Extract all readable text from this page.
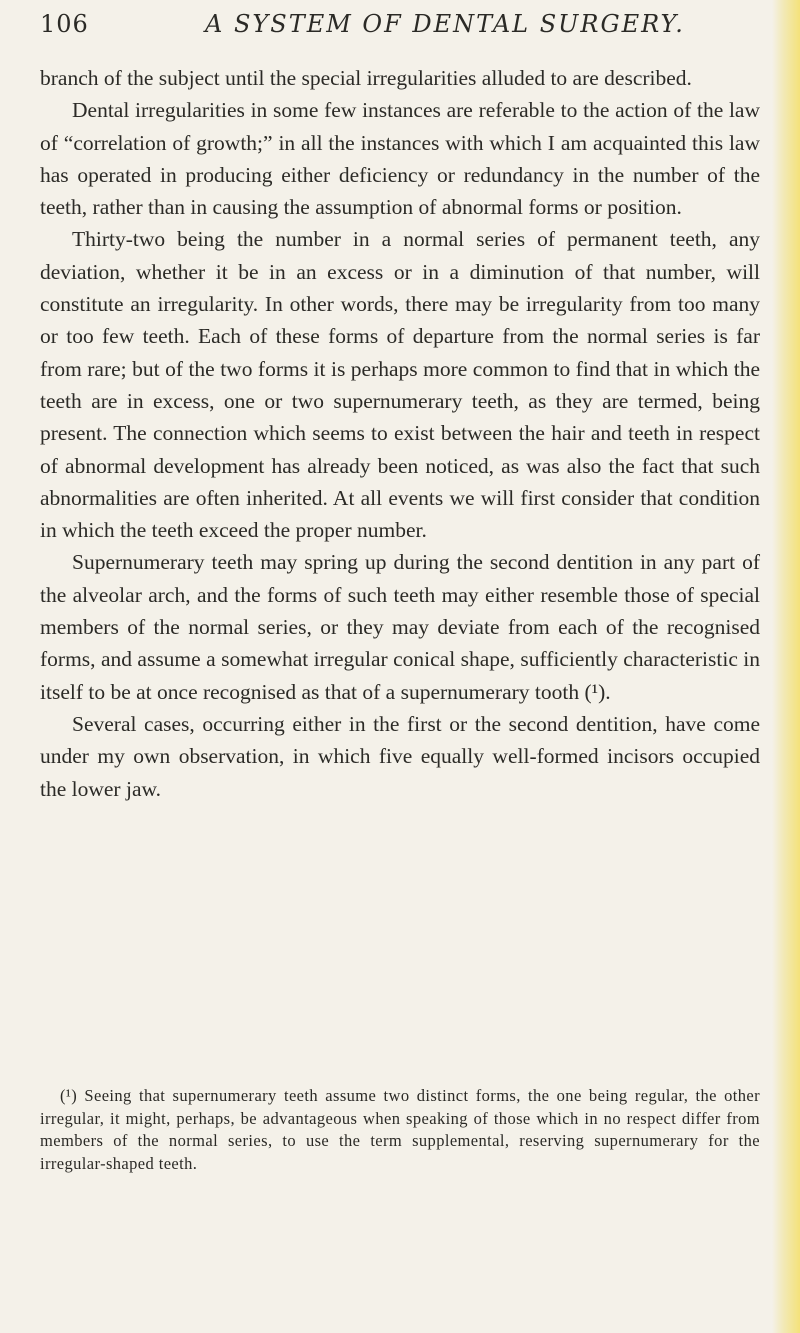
106	A SYSTEM OF DENTAL SURGERY.

branch of the subject until the special irregularities alluded to are described.

Dental irregularities in some few instances are referable to the action of the law of “correlation of growth;” in all the instances with which I am acquainted this law has operated in producing either deficiency or redundancy in the number of the teeth, rather than in causing the assumption of abnormal forms or position.

Thirty-two being the number in a normal series of permanent teeth, any deviation, whether it be in an excess or in a diminution of that number, will constitute an irregularity. In other words, there may be irregularity from too many or too few teeth. Each of these forms of departure from the normal series is far from rare; but of the two forms it is perhaps more common to find that in which the teeth are in excess, one or two supernumerary teeth, as they are termed, being present. The connection which seems to exist between the hair and teeth in respect of abnormal development has already been noticed, as was also the fact that such abnormalities are often inherited. At all events we will first consider that condition in which the teeth exceed the proper number.

Supernumerary teeth may spring up during the second dentition in any part of the alveolar arch, and the forms of such teeth may either resemble those of special members of the normal series, or they may deviate from each of the recognised forms, and assume a somewhat irregular conical shape, sufficiently characteristic in itself to be at once recognised as that of a supernumerary tooth (¹).

Several cases, occurring either in the first or the second dentition, have come under my own observation, in which five equally well-formed incisors occupied the lower jaw.

(¹) Seeing that supernumerary teeth assume two distinct forms, the one being regular, the other irregular, it might, perhaps, be advantageous when speaking of those which in no respect differ from members of the normal series, to use the term supplemental, reserving supernumerary for the irregular-shaped teeth.
